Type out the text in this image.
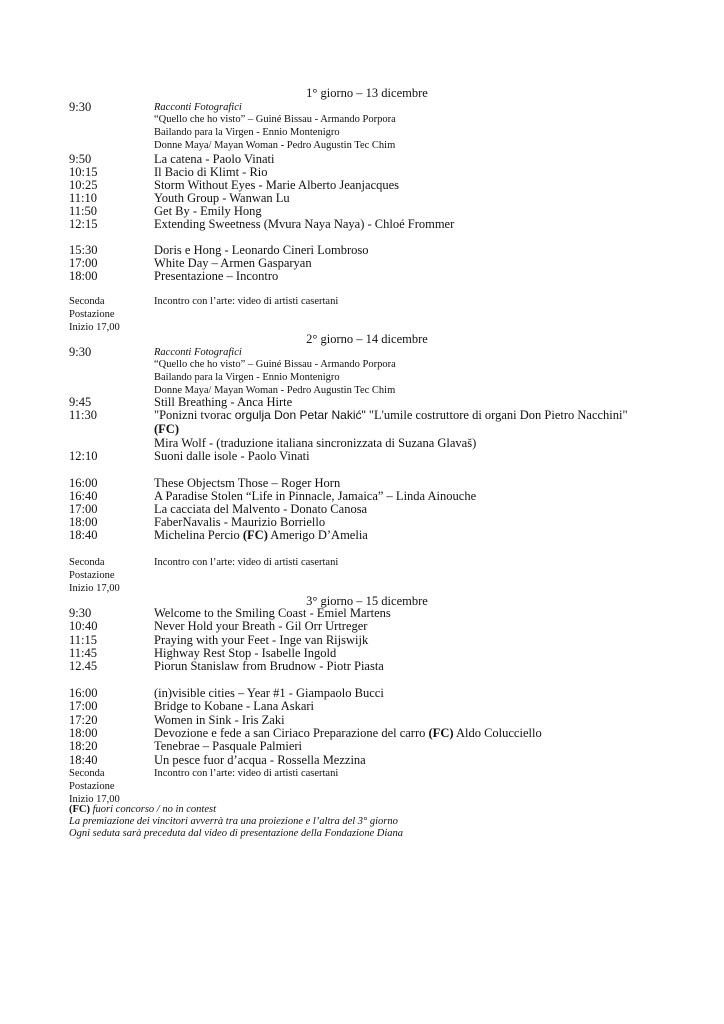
1° giorno – 13 dicembre
9:30	Racconti Fotografici
“Quello che ho visto” – Guiné Bissau - Armando Porpora
Bailando para la Virgen - Ennio Montenigro
Donne Maya/ Mayan Woman - Pedro Augustin Tec Chim
9:50	La catena - Paolo Vinati
10:15	Il Bacio di Klimt - Rio
10:25	Storm Without Eyes - Marie Alberto Jeanjacques
11:10	Youth Group - Wanwan Lu
11:50	Get By - Emily Hong
12:15	Extending Sweetness (Mvura Naya Naya) - Chloé Frommer
15:30	Doris e Hong - Leonardo Cineri Lombroso
17:00	White Day – Armen Gasparyan
18:00	Presentazione – Incontro
Seconda	Incontro con l’arte: video di artisti casertani
Postazione
Inizio 17,00
2° giorno – 14 dicembre
9:30	Racconti Fotografici
“Quello che ho visto” – Guiné Bissau - Armando Porpora
Bailando para la Virgen - Ennio Montenigro
Donne Maya/ Mayan Woman - Pedro Augustin Tec Chim
9:45	Still Breathing - Anca Hirte
11:30	"Ponizni tvorac orgulja Don Petar Nakić" "L'umile costruttore di organi Don Pietro Nacchini"
(FC)
Mira Wolf - (traduzione italiana sincronizzata di Suzana Glavaš)
12:10	Suoni dalle isole - Paolo Vinati
16:00	These Objectsm Those – Roger Horn
16:40	A Paradise Stolen “Life in Pinnacle, Jamaica” – Linda Ainouche
17:00	La cacciata del Malvento - Donato Canosa
18:00	FaberNavalis - Maurizio Borriello
18:40	Michelina Percio (FC) Amerigo D’Amelia
Seconda	Incontro con l’arte: video di artisti casertani
Postazione
Inizio 17,00
3° giorno – 15 dicembre
9:30	Welcome to the Smiling Coast - Emiel Martens
10:40	Never Hold your Breath - Gil Orr Urtreger
11:15	Praying with your Feet - Inge van Rijswijk
11:45	Highway Rest Stop - Isabelle Ingold
12.45	Piorun Stanislaw from Brudnow - Piotr Piasta
16:00	(in)visible cities – Year #1 - Giampaolo Bucci
17:00	Bridge to Kobane - Lana Askari
17:20	Women in Sink - Iris Zaki
18:00	Devozione e fede a san Ciriaco Preparazione del carro (FC) Aldo Colucciello
18:20	Tenebrae – Pasquale Palmieri
18:40	Un pesce fuor d’acqua - Rossella Mezzina
Seconda	Incontro con l’arte: video di artisti casertani
Postazione
Inizio 17,00
(FC) fuori concorso / no in contest
La premiazione dei vincitori avverrà tra una proiezione e l’altra del 3° giorno
Ogni seduta sarà preceduta dal video di presentazione della Fondazione Diana
